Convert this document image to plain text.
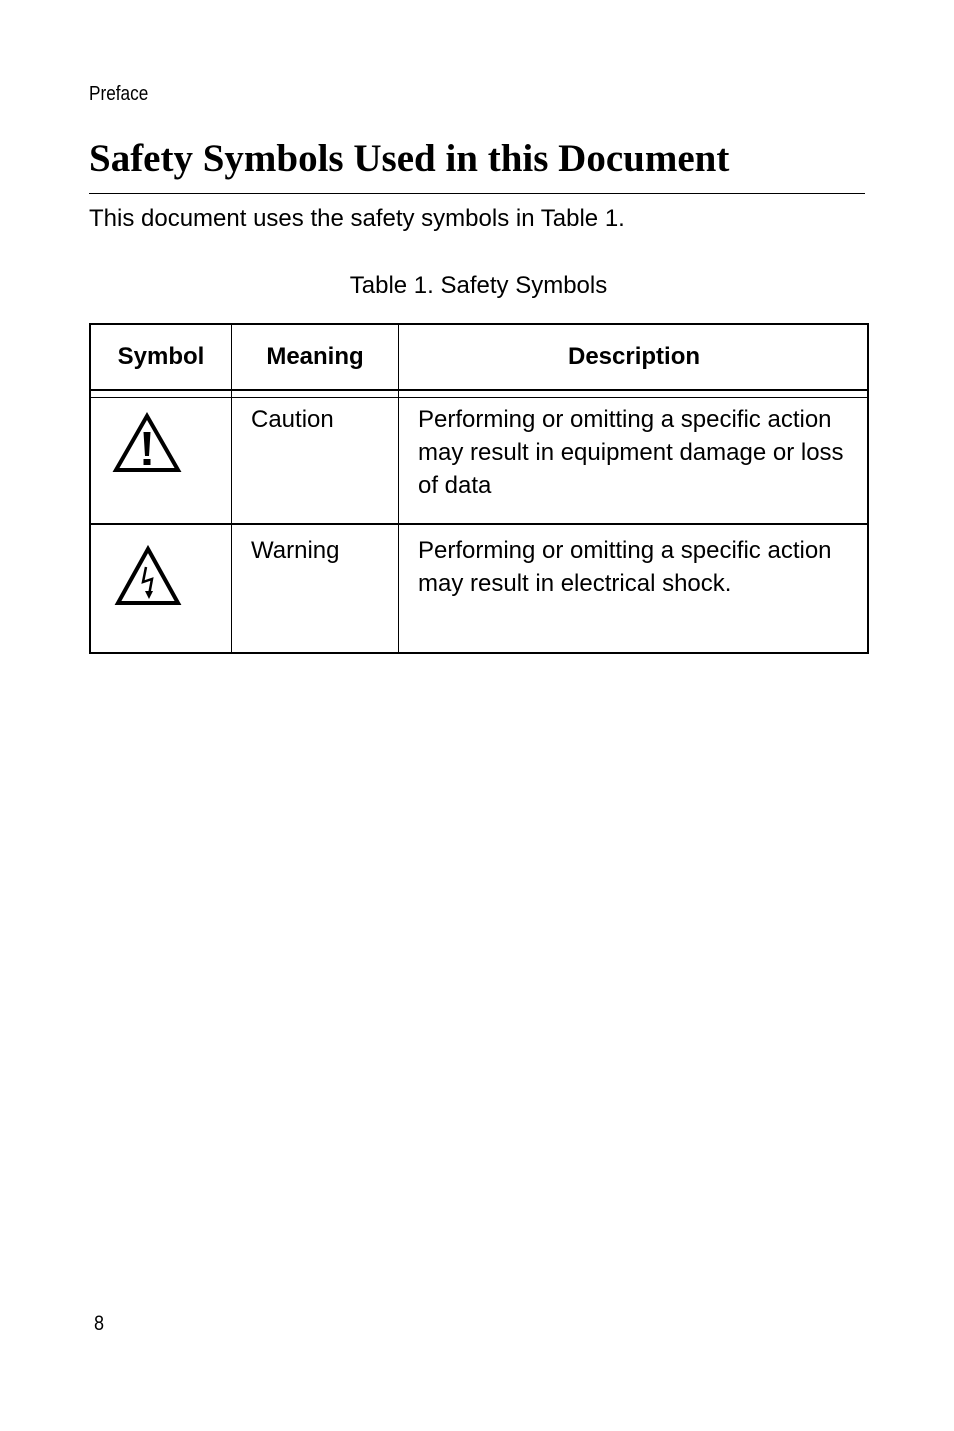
Preface
Safety Symbols Used in this Document
This document uses the safety symbols in Table 1.
Table 1. Safety Symbols
Symbol	Meaning	Description
Caution	Performing or omitting a specific action may result in equipment damage or loss of data
Warning	Performing or omitting a specific action may result in electrical shock.
8
